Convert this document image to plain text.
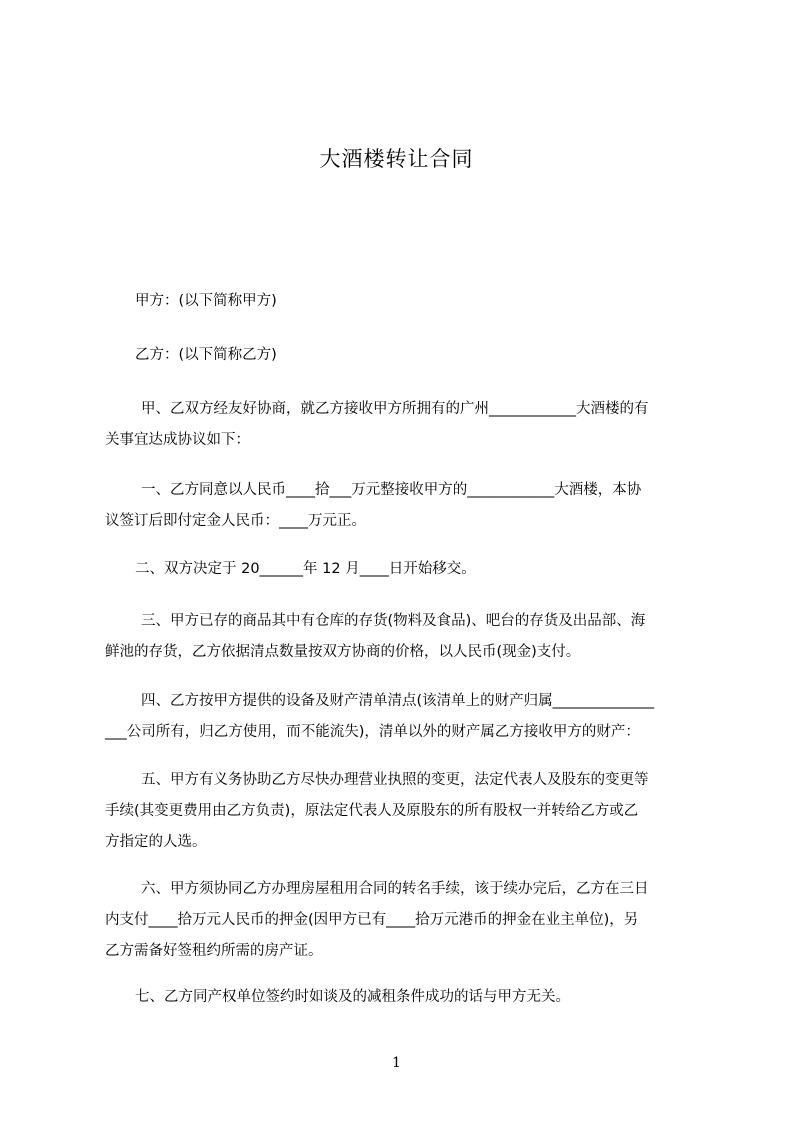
大酒楼转让合同

甲方：(以下简称甲方)

乙方：(以下简称乙方)

甲、乙双方经友好协商，就乙方接收甲方所拥有的广州____________大酒楼的有
关事宜达成协议如下：

一、乙方同意以人民币____拾___万元整接收甲方的____________大酒楼，本协
议签订后即付定金人民币：____万元正。

二、双方决定于 20______年 12 月____日开始移交。

三、甲方已存的商品其中有仓库的存货(物料及食品)、吧台的存货及出品部、海
鲜池的存货，乙方依据清点数量按双方协商的价格，以人民币(现金)支付。

四、乙方按甲方提供的设备及财产清单清点(该清单上的财产归属______________
___公司所有，归乙方使用，而不能流失)，清单以外的财产属乙方接收甲方的财产：

五、甲方有义务协助乙方尽快办理营业执照的变更，法定代表人及股东的变更等
手续(其变更费用由乙方负责)，原法定代表人及原股东的所有股权一并转给乙方或乙
方指定的人选。

六、甲方须协同乙方办理房屋租用合同的转名手续，该于续办完后，乙方在三日
内支付____拾万元人民币的押金(因甲方已有____拾万元港币的押金在业主单位)，另
乙方需备好签租约所需的房产证。

七、乙方同产权单位签约时如谈及的减租条件成功的话与甲方无关。

1
